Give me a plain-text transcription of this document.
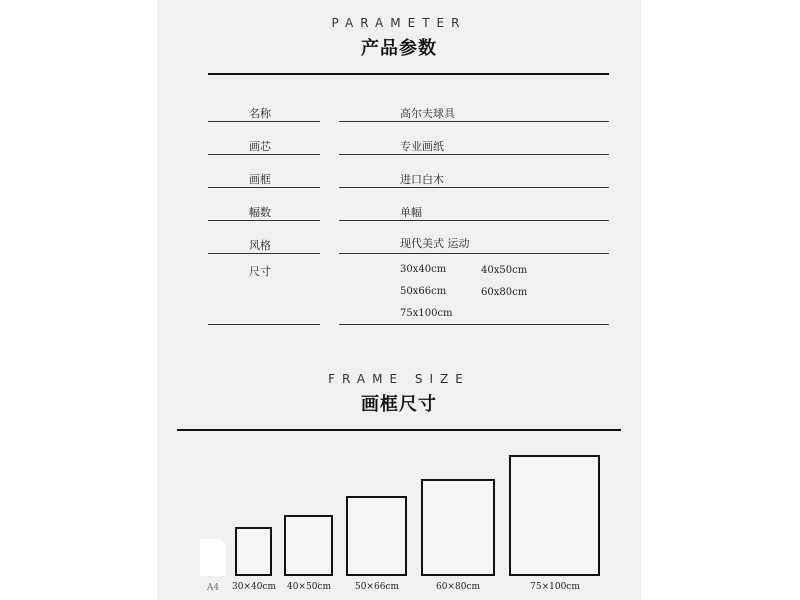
PARAMETER
产品参数
名称	高尔夫球具
画芯	专业画纸
画框	进口白木
幅数	单幅
风格	现代美式 运动
尺寸	30x40cm	40x50cm
50x66cm	60x80cm
75x100cm
FRAME SIZE
画框尺寸
A4	30×40cm	40×50cm	50×66cm	60×80cm	75×100cm
